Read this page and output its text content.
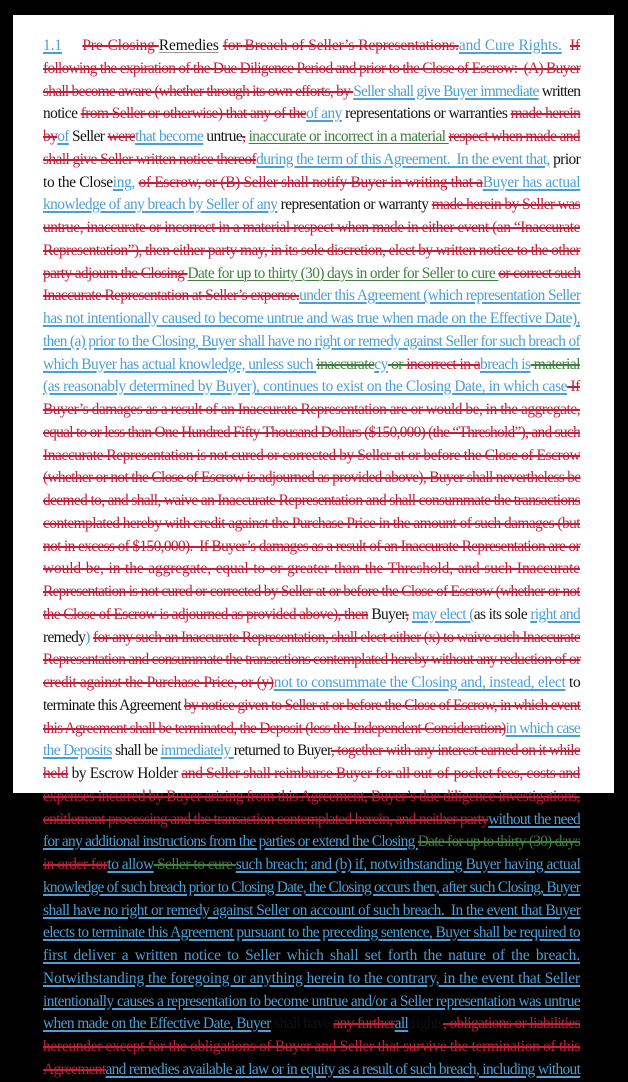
1.1 Pre-Closing Remedies for Breach of Seller’s Representations.and Cure Rights. If
following the expiration of the Due Diligence Period and prior to the Close of Escrow:  (A) Buyer
shall become aware (whether through its own efforts, by Seller shall give Buyer immediate written
notice from Seller or otherwise) that any of theof any representations or warranties made herein
byof Seller werethat become untrue, inaccurate or incorrect in a material respect when made and
shall give Seller written notice thereofduring the term of this Agreement.  In the event that, prior
to the Closeing, of Escrow, or (B) Seller shall notify Buyer in writing that aBuyer has actual
knowledge of any breach by Seller of any representation or warranty made herein by Seller was
untrue, inaccurate or incorrect in a material respect when made in either event (an “Inaccurate
Representation”), then either party may, in its sole discretion, elect by written notice to the other
party adjourn the Closing Date for up to thirty (30) days in order for Seller to cure or correct such
Inaccurate Representation at Seller’s expense.under this Agreement (which representation Seller
has not intentionally caused to become untrue and was true when made on the Effective Date),
then (a) prior to the Closing, Buyer shall have no right or remedy against Seller for such breach of
which Buyer has actual knowledge, unless such inaccuratecy or incorrect in abreach is material
(as reasonably determined by Buyer), continues to exist on the Closing Date, in which case If
Buyer’s damages as a result of an Inaccurate Representation are or would be, in the aggregate,
equal to or less than One Hundred Fifty Thousand Dollars ($150,000) (the “Threshold”), and such
Inaccurate Representation is not cured or corrected by Seller at or before the Close of Escrow
(whether or not the Close of Escrow is adjourned as provided above), Buyer shall nevertheless be
deemed to, and shall, waive an Inaccurate Representation and shall consummate the transactions
contemplated hereby with credit against the Purchase Price in the amount of such damages (but
not in excess of $150,000).  If Buyer’s damages as a result of an Inaccurate Representation are or
would be, in the aggregate, equal to or greater than the Threshold, and such Inaccurate
Representation is not cured or corrected by Seller at or before the Close of Escrow (whether or not
the Close of Escrow is adjourned as provided above), then Buyer, may elect (as its sole right and
remedy) for any such an Inaccurate Representation, shall elect either (x) to waive such Inaccurate
Representation and consummate the transactions contemplated hereby without any reduction of or
credit against the Purchase Price, or (y)not to consummate the Closing and, instead, elect to
terminate this Agreement by notice given to Seller at or before the Close of Escrow, in which event
this Agreement shall be terminated, the Deposit (less the Independent Consideration)in which case
the Deposits shall be immediately returned to Buyer, together with any interest earned on it while
held by Escrow Holder and Seller shall reimburse Buyer for all out-of-pocket fees, costs and
expenses incurred by Buyer arising from this Agreement, Buyer’s due diligence investigations,
entitlement processing and the transaction contemplated herein, and neither partywithout the need
for any additional instructions from the parties or extend the Closing Date for up to thirty (30) days
in order forto allow Seller to cure such breach; and (b) if, notwithstanding Buyer having actual
knowledge of such breach prior to Closing Date, the Closing occurs then, after such Closing, Buyer
shall have no right or remedy against Seller on account of such breach.  In the event that Buyer
elects to terminate this Agreement pursuant to the preceding sentence, Buyer shall be required to
first deliver a written notice to Seller which shall set forth the nature of the breach.
Notwithstanding the foregoing or anything herein to the contrary, in the event that Seller
intentionally causes a representation to become untrue and/or a Seller representation was untrue
when made on the Effective Date, Buyer shall have any furtherall rights, obligations or liabilities
hereunder except for the obligations of Buyer and Seller that survive the termination of this
Agreementand remedies available at law or in equity as a result of such breach, including without
